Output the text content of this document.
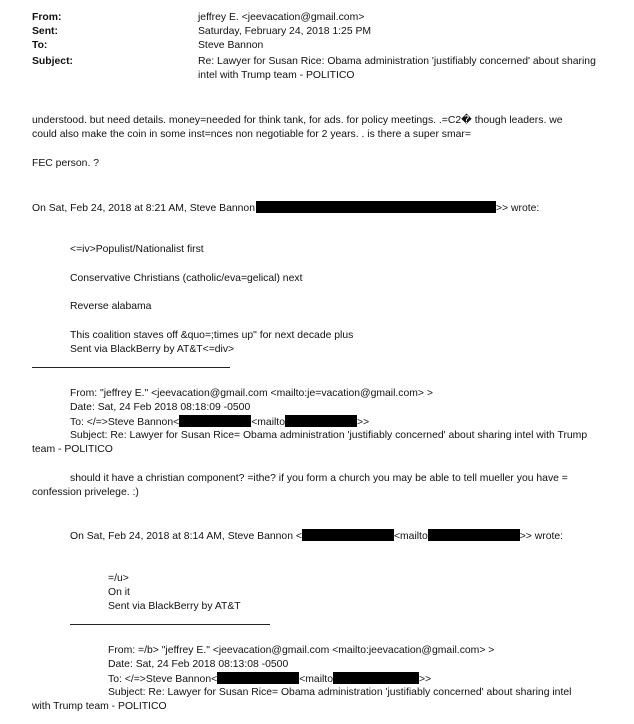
From:	jeffrey E. <jeevacation@gmail.com>
Sent:	Saturday, February 24, 2018 1:25 PM
To:	Steve Bannon
Subject:	Re: Lawyer for Susan Rice: Obama administration 'justifiably concerned' about sharing
intel with Trump team - POLITICO
understood. but need details. money=needed for think tank, for ads. for policy meetings. .=C2� though leaders. we
could also make the coin in some inst=nces non negotiable for 2 years. . is there a super smar=
FEC person. ?
On Sat, Feb 24, 2018 at 8:21 AM, Steve Bannon	>> wrote:
<=iv>Populist/Nationalist first
Conservative Christians (catholic/eva=gelical) next
Reverse alabama
This coalition staves off &quo=;times up" for next decade plus
Sent via BlackBerry by AT&T<=div>
From: "jeffrey E." <jeevacation@gmail.com <mailto:je=vacation@gmail.com> >
Date: Sat, 24 Feb 2018 08:18:09 -0500
To: </=>Steve Bannon<	<mailto	>>
Subject: Re: Lawyer for Susan Rice= Obama administration 'justifiably concerned' about sharing intel with Trump
team - POLITICO
should it have a christian component? =ithe? if you form a church you may be able to tell mueller you have =
confession privelege. :)
On Sat, Feb 24, 2018 at 8:14 AM, Steve Bannon <	<mailto	>> wrote:
=/u>
On it
Sent via BlackBerry by AT&T
From: =/b> "jeffrey E." <jeevacation@gmail.com <mailto:jeevacation@gmail.com> >
Date: Sat, 24 Feb 2018 08:13:08 -0500
To: </=>Steve Bannon<	<mailto	>>
Subject: Re: Lawyer for Susan Rice= Obama administration 'justifiably concerned' about sharing intel
with Trump team - POLITICO
